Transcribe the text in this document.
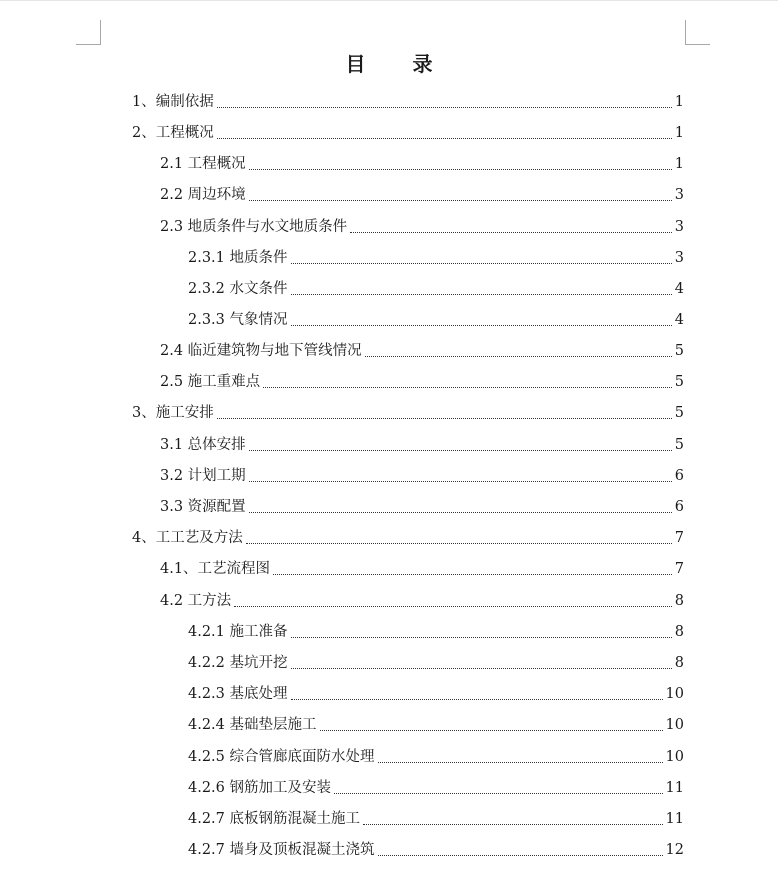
目 录
1、编制依据	1
2、工程概况	1
2.1 工程概况	1
2.2 周边环境	3
2.3 地质条件与水文地质条件	3
2.3.1 地质条件	3
2.3.2 水文条件	4
2.3.3 气象情况	4
2.4 临近建筑物与地下管线情况	5
2.5 施工重难点	5
3、施工安排	5
3.1 总体安排	5
3.2 计划工期	6
3.3 资源配置	6
4、工工艺及方法	7
4.1、工艺流程图	7
4.2 工方法	8
4.2.1 施工准备	8
4.2.2 基坑开挖	8
4.2.3 基底处理	10
4.2.4 基础垫层施工	10
4.2.5 综合管廊底面防水处理	10
4.2.6 钢筋加工及安装	11
4.2.7 底板钢筋混凝土施工	11
4.2.7 墙身及顶板混凝土浇筑	12
